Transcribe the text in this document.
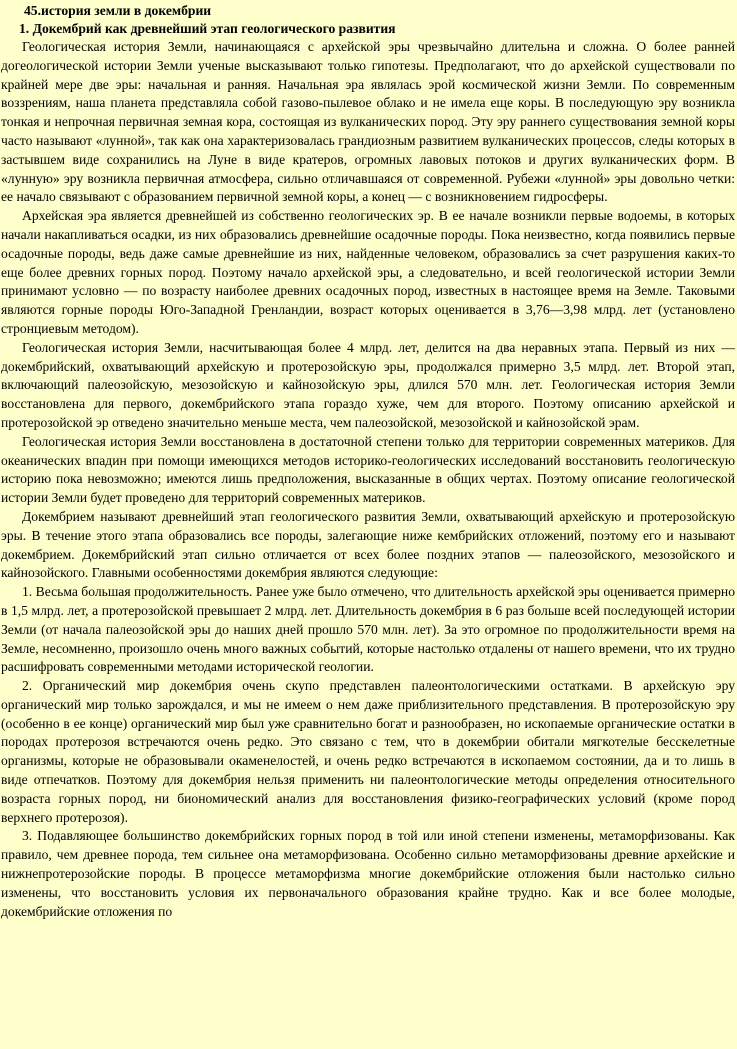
45.история земли в докембрии
1. Докембрий как древнейший этап геологического развития

Геологическая история Земли, начинающаяся с архейской эры чрезвычайно длительна и сложна. О более ранней догеологической истории Земли ученые высказывают только гипотезы. Предполагают, что до архейской существовали по крайней мере две эры: начальная и ранняя. Начальная эра являлась эрой космической жизни Земли. По современным воззрениям, наша планета представляла собой газово-пылевое облако и не имела еще коры. В последующую эру возникла тонкая и непрочная первичная земная кора, состоящая из вулканических пород. Эту эру раннего существования земной коры часто называют «лунной», так как она характеризовалась грандиозным развитием вулканических процессов, следы которых в застывшем виде сохранились на Луне в виде кратеров, огромных лавовых потоков и других вулканических форм. В «лунную» эру возникла первичная атмосфера, сильно отличавшаяся от современной. Рубежи «лунной» эры довольно четки: ее начало связывают с образованием первичной земной коры, а конец — с возникновением гидросферы.

Архейская эра является древнейшей из собственно геологических эр. В ее начале возникли первые водоемы, в которых начали накапливаться осадки, из них образовались древнейшие осадочные породы. Пока неизвестно, когда появились первые осадочные породы, ведь даже самые древнейшие из них, найденные человеком, образовались за счет разрушения каких-то еще более древних горных пород. Поэтому начало архейской эры, а следовательно, и всей геологической истории Земли принимают условно — по возрасту наиболее древних осадочных пород, известных в настоящее время на Земле. Таковыми являются горные породы Юго-Западной Гренландии, возраст которых оценивается в 3,76—3,98 млрд. лет (установлено стронциевым методом).

Геологическая история Земли, насчитывающая более 4 млрд. лет, делится на два неравных этапа. Первый из них — докембрийский, охватывающий архейскую и протерозойскую эры, продолжался примерно 3,5 млрд. лет. Второй этап, включающий палеозойскую, мезозойскую и кайнозойскую эры, длился 570 млн. лет. Геологическая история Земли восстановлена для первого, докембрийского этапа гораздо хуже, чем для второго. Поэтому описанию архейской и протерозойской эр отведено значительно меньше места, чем палеозойской, мезозойской и кайнозойской эрам.

Геологическая история Земли восстановлена в достаточной степени только для территории современных материков. Для океанических впадин при помощи имеющихся методов историко-геологических исследований восстановить геологическую историю пока невозможно; имеются лишь предположения, высказанные в общих чертах. Поэтому описание геологической истории Земли будет проведено для территорий современных материков.

Докембрием называют древнейший этап геологического развития Земли, охватывающий архейскую и протерозойскую эры. В течение этого этапа образовались все породы, залегающие ниже кембрийских отложений, поэтому его и называют докембрием. Докембрийский этап сильно отличается от всех более поздних этапов — палеозойского, мезозойского и кайнозойского. Главными особенностями докембрия являются следующие:

1. Весьма большая продолжительность. Ранее уже было отмечено, что длительность архейской эры оценивается примерно в 1,5 млрд. лет, а протерозойской превышает 2 млрд. лет. Длительность докембрия в 6 раз больше всей последующей истории Земли (от начала палеозойской эры до наших дней прошло 570 млн. лет). За это огромное по продолжительности время на Земле, несомненно, произошло очень много важных событий, которые настолько отдалены от нашего времени, что их трудно расшифровать современными методами исторической геологии.

2. Органический мир докембрия очень скупо представлен палеонтологическими остатками. В архейскую эру органический мир только зарождался, и мы не имеем о нем даже приблизительного представления. В протерозойскую эру (особенно в ее конце) органический мир был уже сравнительно богат и разнообразен, но ископаемые органические остатки в породах протерозоя встречаются очень редко. Это связано с тем, что в докембрии обитали мягкотелые бесскелетные организмы, которые не образовывали окаменелостей, и очень редко встречаются в ископаемом состоянии, да и то лишь в виде отпечатков. Поэтому для докембрия нельзя применить ни палеонтологические методы определения относительного возраста горных пород, ни биономический анализ для восстановления физико-географических условий (кроме пород верхнего протерозоя).

3. Подавляющее большинство докембрийских горных пород в той или иной степени изменены, метаморфизованы. Как правило, чем древнее порода, тем сильнее она метаморфизована. Особенно сильно метаморфизованы древние архейские и нижнепротерозойские породы. В процессе метаморфизма многие докембрийские отложения были настолько сильно изменены, что восстановить условия их первоначального образования крайне трудно. Как и все более молодые, докембрийские отложения по
